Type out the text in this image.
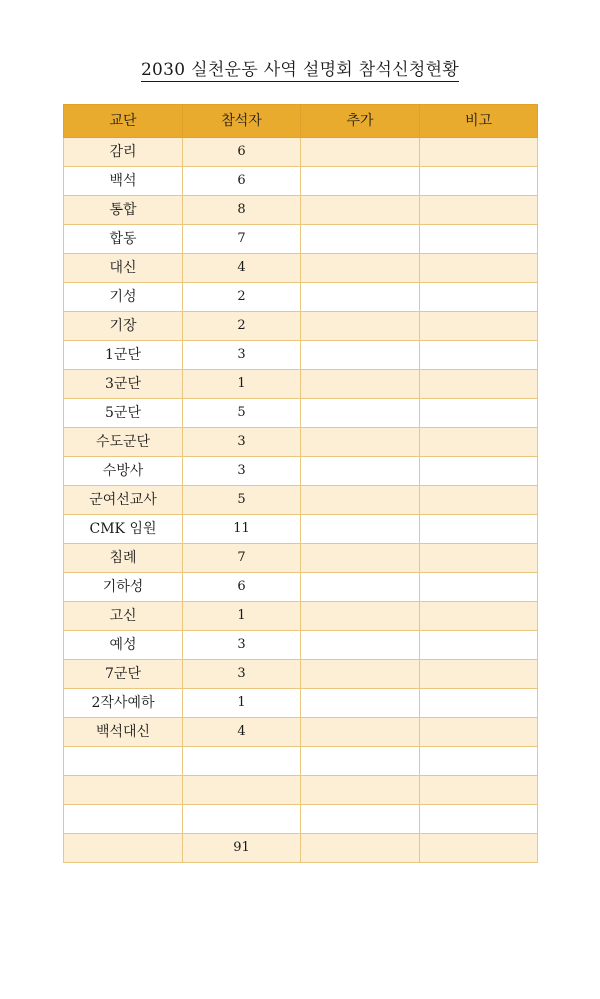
2030 실천운동 사역 설명회 참석신청현황
교단	참석자	추가	비고
감리	6		
백석	6		
통합	8		
합동	7		
대신	4		
기성	2		
기장	2		
1군단	3		
3군단	1		
5군단	5		
수도군단	3		
수방사	3		
군여선교사	5		
CMK 임원	11		
침례	7		
기하성	6		
고신	1		
예성	3		
7군단	3		
2작사예하	1		
백석대신	4		

	91		
